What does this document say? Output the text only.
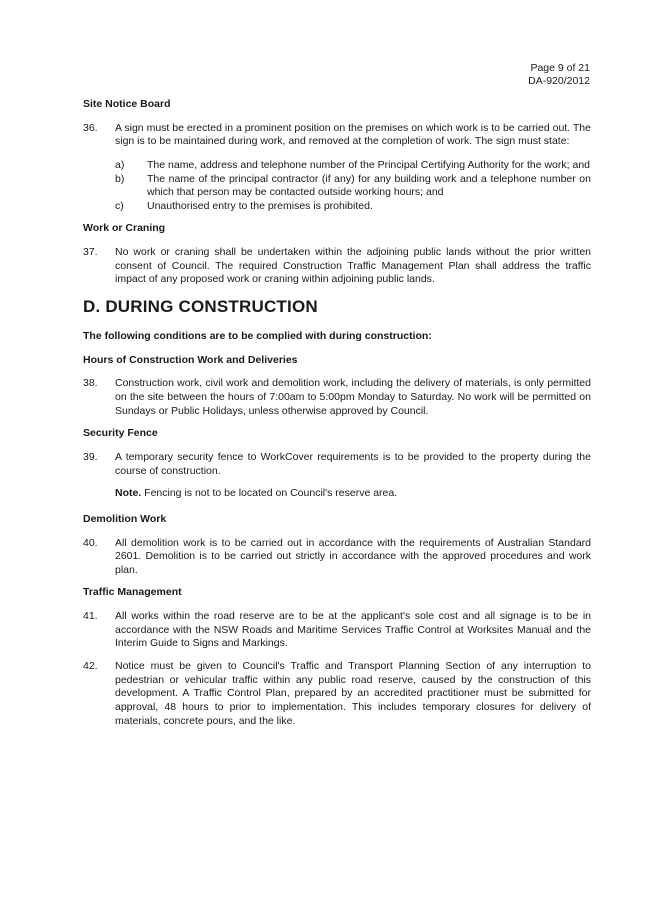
Page 9 of 21
DA-920/2012
Site Notice Board
36.	A sign must be erected in a prominent position on the premises on which work is to be carried out. The sign is to be maintained during work, and removed at the completion of work. The sign must state:
a)	The name, address and telephone number of the Principal Certifying Authority for the work; and
b)	The name of the principal contractor (if any) for any building work and a telephone number on which that person may be contacted outside working hours; and
c)	Unauthorised entry to the premises is prohibited.
Work or Craning
37.	No work or craning shall be undertaken within the adjoining public lands without the prior written consent of Council. The required Construction Traffic Management Plan shall address the traffic impact of any proposed work or craning within adjoining public lands.
D. DURING CONSTRUCTION
The following conditions are to be complied with during construction:
Hours of Construction Work and Deliveries
38.	Construction work, civil work and demolition work, including the delivery of materials, is only permitted on the site between the hours of 7:00am to 5:00pm Monday to Saturday. No work will be permitted on Sundays or Public Holidays, unless otherwise approved by Council.
Security Fence
39.	A temporary security fence to WorkCover requirements is to be provided to the property during the course of construction.
Note. Fencing is not to be located on Council's reserve area.
Demolition Work
40.	All demolition work is to be carried out in accordance with the requirements of Australian Standard 2601. Demolition is to be carried out strictly in accordance with the approved procedures and work plan.
Traffic Management
41.	All works within the road reserve are to be at the applicant's sole cost and all signage is to be in accordance with the NSW Roads and Maritime Services Traffic Control at Worksites Manual and the Interim Guide to Signs and Markings.
42.	Notice must be given to Council's Traffic and Transport Planning Section of any interruption to pedestrian or vehicular traffic within any public road reserve, caused by the construction of this development. A Traffic Control Plan, prepared by an accredited practitioner must be submitted for approval, 48 hours to prior to implementation. This includes temporary closures for delivery of materials, concrete pours, and the like.
